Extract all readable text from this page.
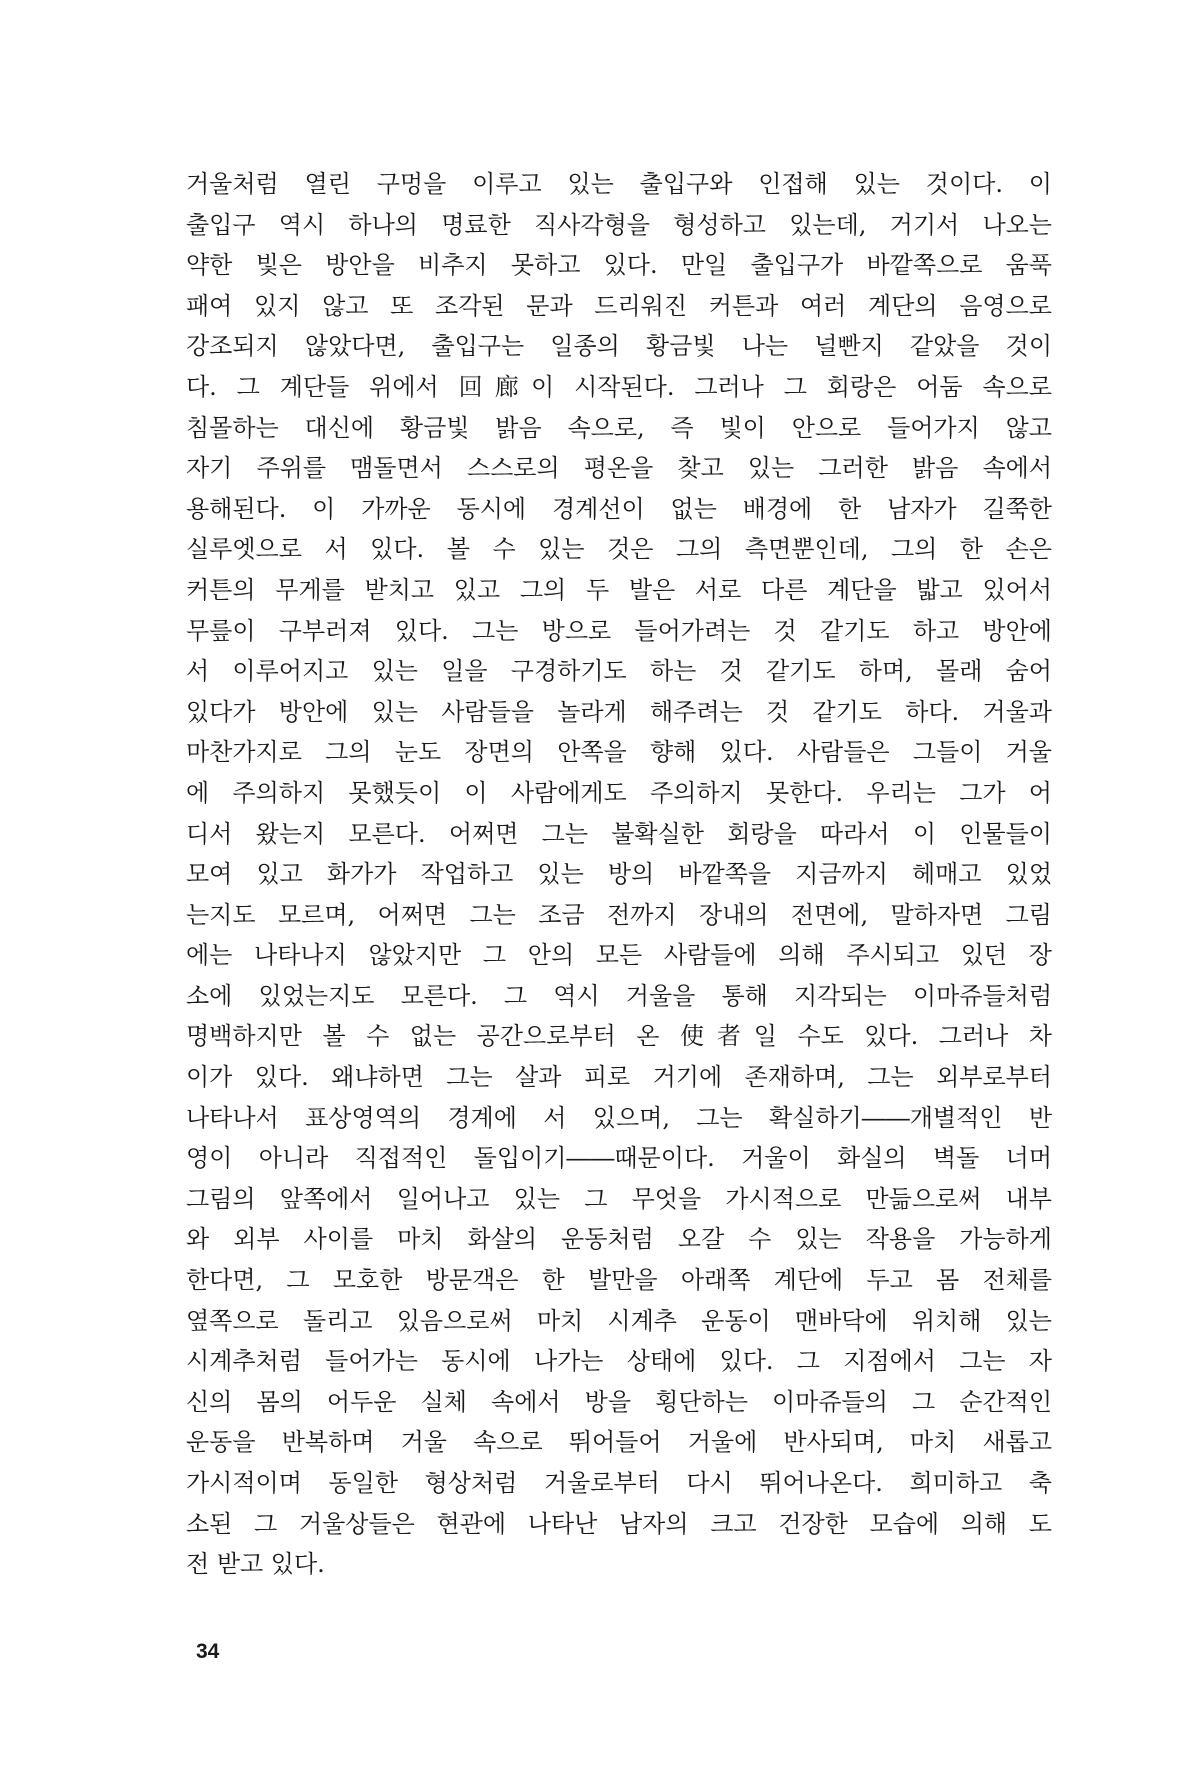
거울처럼 열린 구멍을 이루고 있는 출입구와 인접해 있는 것이다. 이
출입구 역시 하나의 명료한 직사각형을 형성하고 있는데, 거기서 나오는
약한 빛은 방안을 비추지 못하고 있다. 만일 출입구가 바깥쪽으로 움푹
패여 있지 않고 또 조각된 문과 드리워진 커튼과 여러 계단의 음영으로
강조되지 않았다면, 출입구는 일종의 황금빛 나는 널빤지 같았을 것이
다. 그 계단들 위에서 回廊이 시작된다. 그러나 그 회랑은 어둠 속으로
침몰하는 대신에 황금빛 밝음 속으로, 즉 빛이 안으로 들어가지 않고
자기 주위를 맴돌면서 스스로의 평온을 찾고 있는 그러한 밝음 속에서
용해된다. 이 가까운 동시에 경계선이 없는 배경에 한 남자가 길쭉한
실루엣으로 서 있다. 볼 수 있는 것은 그의 측면뿐인데, 그의 한 손은
커튼의 무게를 받치고 있고 그의 두 발은 서로 다른 계단을 밟고 있어서
무릎이 구부러져 있다. 그는 방으로 들어가려는 것 같기도 하고 방안에
서 이루어지고 있는 일을 구경하기도 하는 것 같기도 하며, 몰래 숨어
있다가 방안에 있는 사람들을 놀라게 해주려는 것 같기도 하다. 거울과
마찬가지로 그의 눈도 장면의 안쪽을 향해 있다. 사람들은 그들이 거울
에 주의하지 못했듯이 이 사람에게도 주의하지 못한다. 우리는 그가 어
디서 왔는지 모른다. 어쩌면 그는 불확실한 회랑을 따라서 이 인물들이
모여 있고 화가가 작업하고 있는 방의 바깥쪽을 지금까지 헤매고 있었
는지도 모르며, 어쩌면 그는 조금 전까지 장내의 전면에, 말하자면 그림
에는 나타나지 않았지만 그 안의 모든 사람들에 의해 주시되고 있던 장
소에 있었는지도 모른다. 그 역시 거울을 통해 지각되는 이마쥬들처럼
명백하지만 볼 수 없는 공간으로부터 온 使者일 수도 있다. 그러나 차
이가 있다. 왜냐하면 그는 살과 피로 거기에 존재하며, 그는 외부로부터
나타나서 표상영역의 경계에 서 있으며, 그는 확실하기――개별적인 반
영이 아니라 직접적인 돌입이기――때문이다. 거울이 화실의 벽돌 너머
그림의 앞쪽에서 일어나고 있는 그 무엇을 가시적으로 만듦으로써 내부
와 외부 사이를 마치 화살의 운동처럼 오갈 수 있는 작용을 가능하게
한다면, 그 모호한 방문객은 한 발만을 아래쪽 계단에 두고 몸 전체를
옆쪽으로 돌리고 있음으로써 마치 시계추 운동이 맨바닥에 위치해 있는
시계추처럼 들어가는 동시에 나가는 상태에 있다. 그 지점에서 그는 자
신의 몸의 어두운 실체 속에서 방을 횡단하는 이마쥬들의 그 순간적인
운동을 반복하며 거울 속으로 뛰어들어 거울에 반사되며, 마치 새롭고
가시적이며 동일한 형상처럼 거울로부터 다시 뛰어나온다. 희미하고 축
소된 그 거울상들은 현관에 나타난 남자의 크고 건장한 모습에 의해 도
전 받고 있다.
34
